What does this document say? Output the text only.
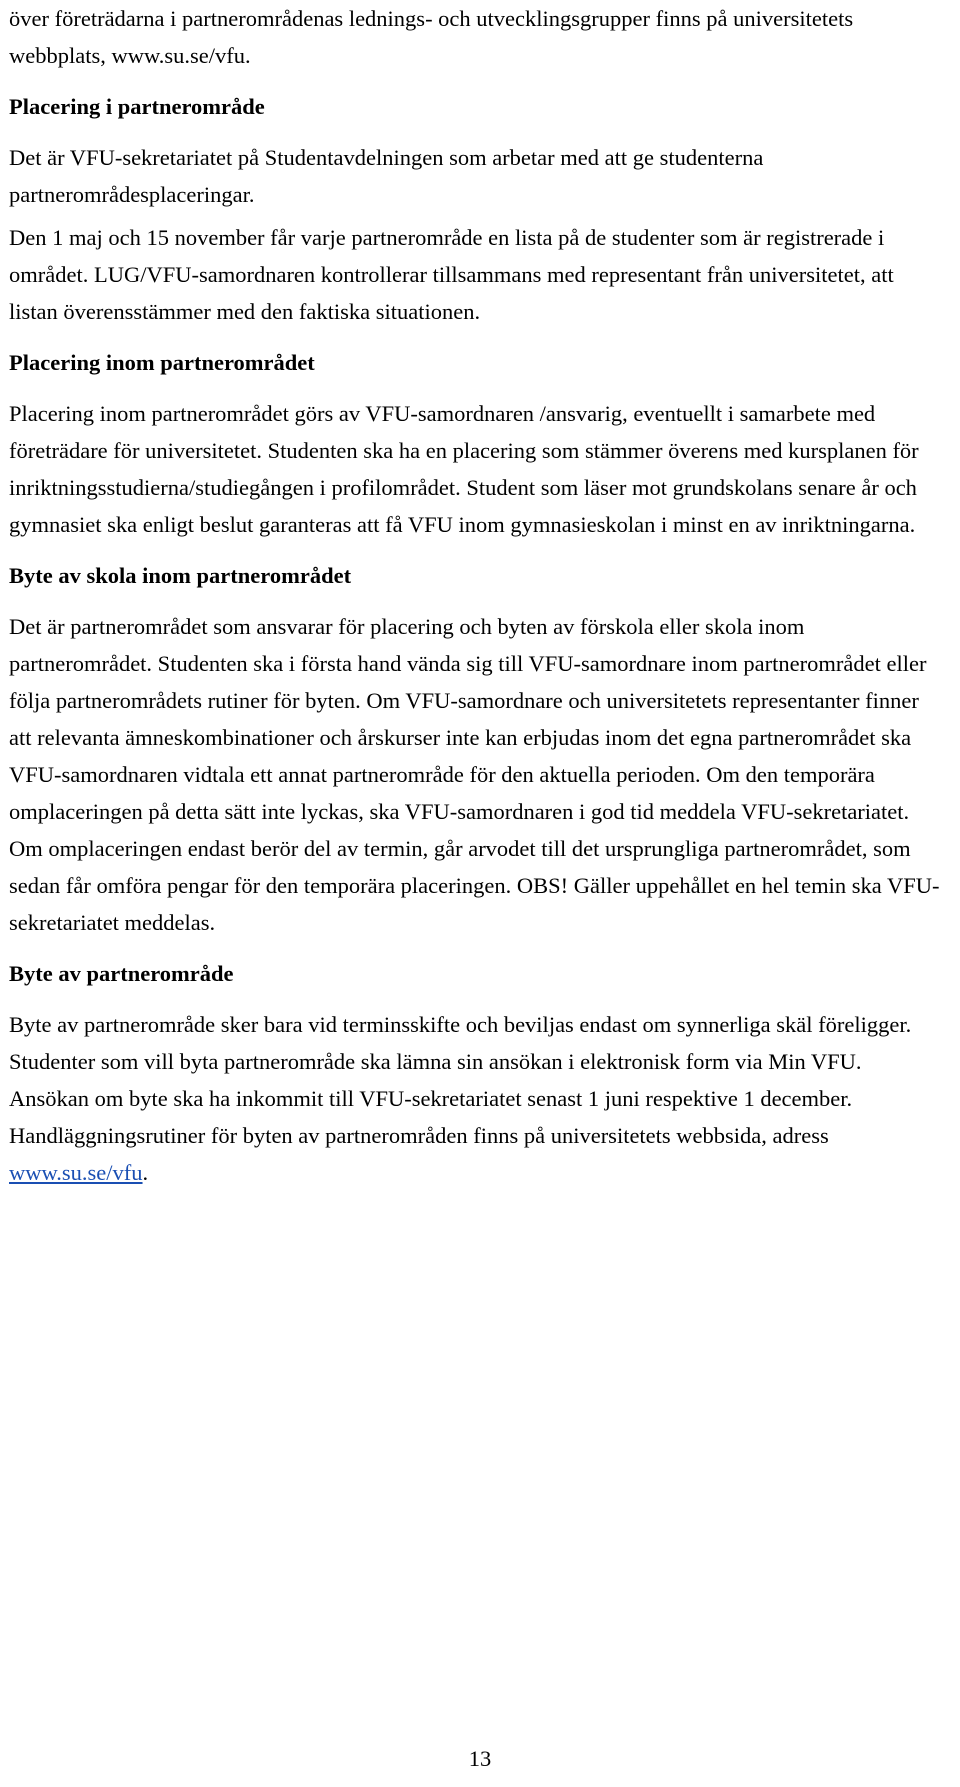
över företrädarna i partnerområdenas lednings- och utvecklingsgrupper finns på universitetets webbplats, www.su.se/vfu.

Placering i partnerområde

Det är VFU-sekretariatet på Studentavdelningen som arbetar med att ge studenterna partnerområdesplaceringar.

Den 1 maj och 15 november får varje partnerområde en lista på de studenter som är registrerade i området. LUG/VFU-samordnaren kontrollerar tillsammans med representant från universitetet, att listan överensstämmer med den faktiska situationen.

Placering inom partnerområdet

Placering inom partnerområdet görs av VFU-samordnaren /ansvarig, eventuellt i samarbete med företrädare för universitetet. Studenten ska ha en placering som stämmer överens med kursplanen för inriktningsstudierna/studiegången i profilområdet. Student som läser mot grundskolans senare år och gymnasiet ska enligt beslut garanteras att få VFU inom gymnasieskolan i minst en av inriktningarna.

Byte av skola inom partnerområdet

Det är partnerområdet som ansvarar för placering och byten av förskola eller skola inom partnerområdet. Studenten ska i första hand vända sig till VFU-samordnare inom partnerområdet eller följa partnerområdets rutiner för byten. Om VFU-samordnare och universitetets representanter finner att relevanta ämneskombinationer och årskurser inte kan erbjudas inom det egna partnerområdet ska VFU-samordnaren vidtala ett annat partnerområde för den aktuella perioden. Om den temporära omplaceringen på detta sätt inte lyckas, ska VFU-samordnaren i god tid meddela VFU-sekretariatet. Om omplaceringen endast berör del av termin, går arvodet till det ursprungliga partnerområdet, som sedan får omföra pengar för den temporära placeringen. OBS! Gäller uppehållet en hel temin ska VFU-sekretariatet meddelas.

Byte av partnerområde

Byte av partnerområde sker bara vid terminsskifte och beviljas endast om synnerliga skäl föreligger. Studenter som vill byta partnerområde ska lämna sin ansökan i elektronisk form via Min VFU. Ansökan om byte ska ha inkommit till VFU-sekretariatet senast 1 juni respektive 1 december. Handläggningsrutiner för byten av partnerområden finns på universitetets webbsida, adress www.su.se/vfu.

13
